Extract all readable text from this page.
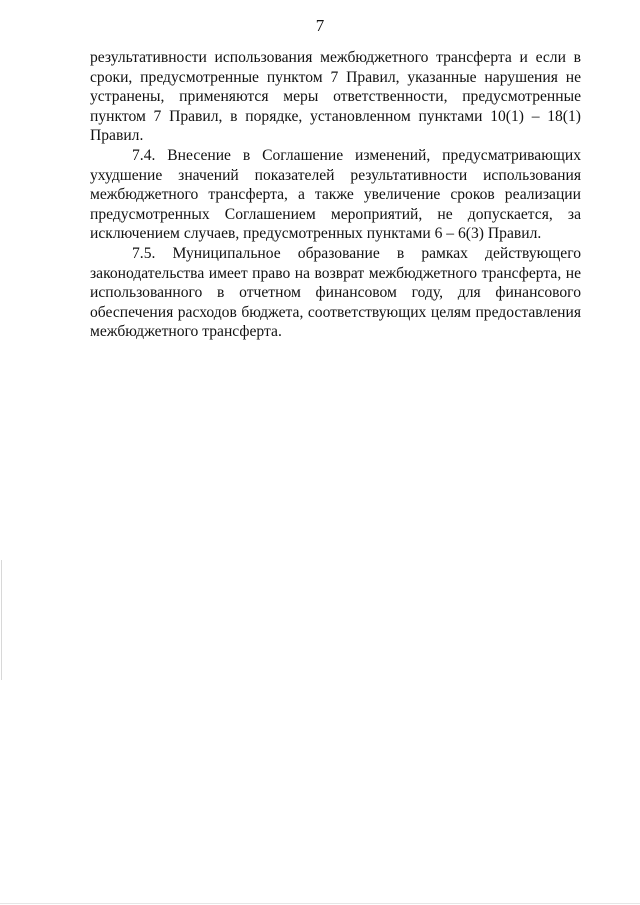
7

результативности использования межбюджетного трансферта и если в сроки, предусмотренные пунктом 7 Правил, указанные нарушения не устранены, применяются меры ответственности, предусмотренные пунктом 7 Правил, в порядке, установленном пунктами 10(1) – 18(1) Правил.

7.4. Внесение в Соглашение изменений, предусматривающих ухудшение значений показателей результативности использования межбюджетного трансферта, а также увеличение сроков реализации предусмотренных Соглашением мероприятий, не допускается, за исключением случаев, предусмотренных пунктами 6 – 6(3) Правил.

7.5. Муниципальное образование в рамках действующего законодательства имеет право на возврат межбюджетного трансферта, не использованного в отчетном финансовом году, для финансового обеспечения расходов бюджета, соответствующих целям предоставления межбюджетного трансферта.
